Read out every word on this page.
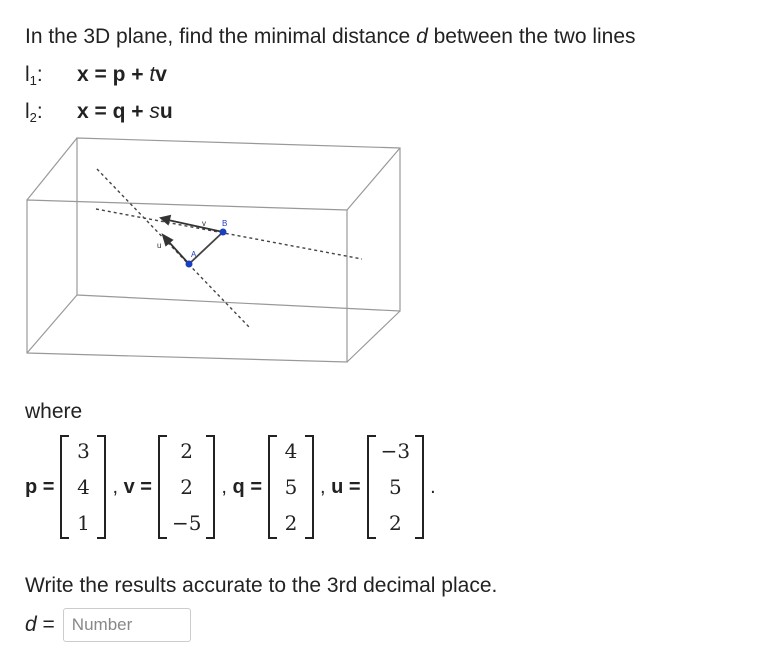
In the 3D plane, find the minimal distance d between the two lines
$l_1$: x = p + tv
$l_2$: x = q + su
A
B
u
v
where
p =
3
4
1
, v =
2
2
−5
, q =
4
5
2
, u =
−3
5
2
.
Write the results accurate to the 3rd decimal place.
d =
Number
